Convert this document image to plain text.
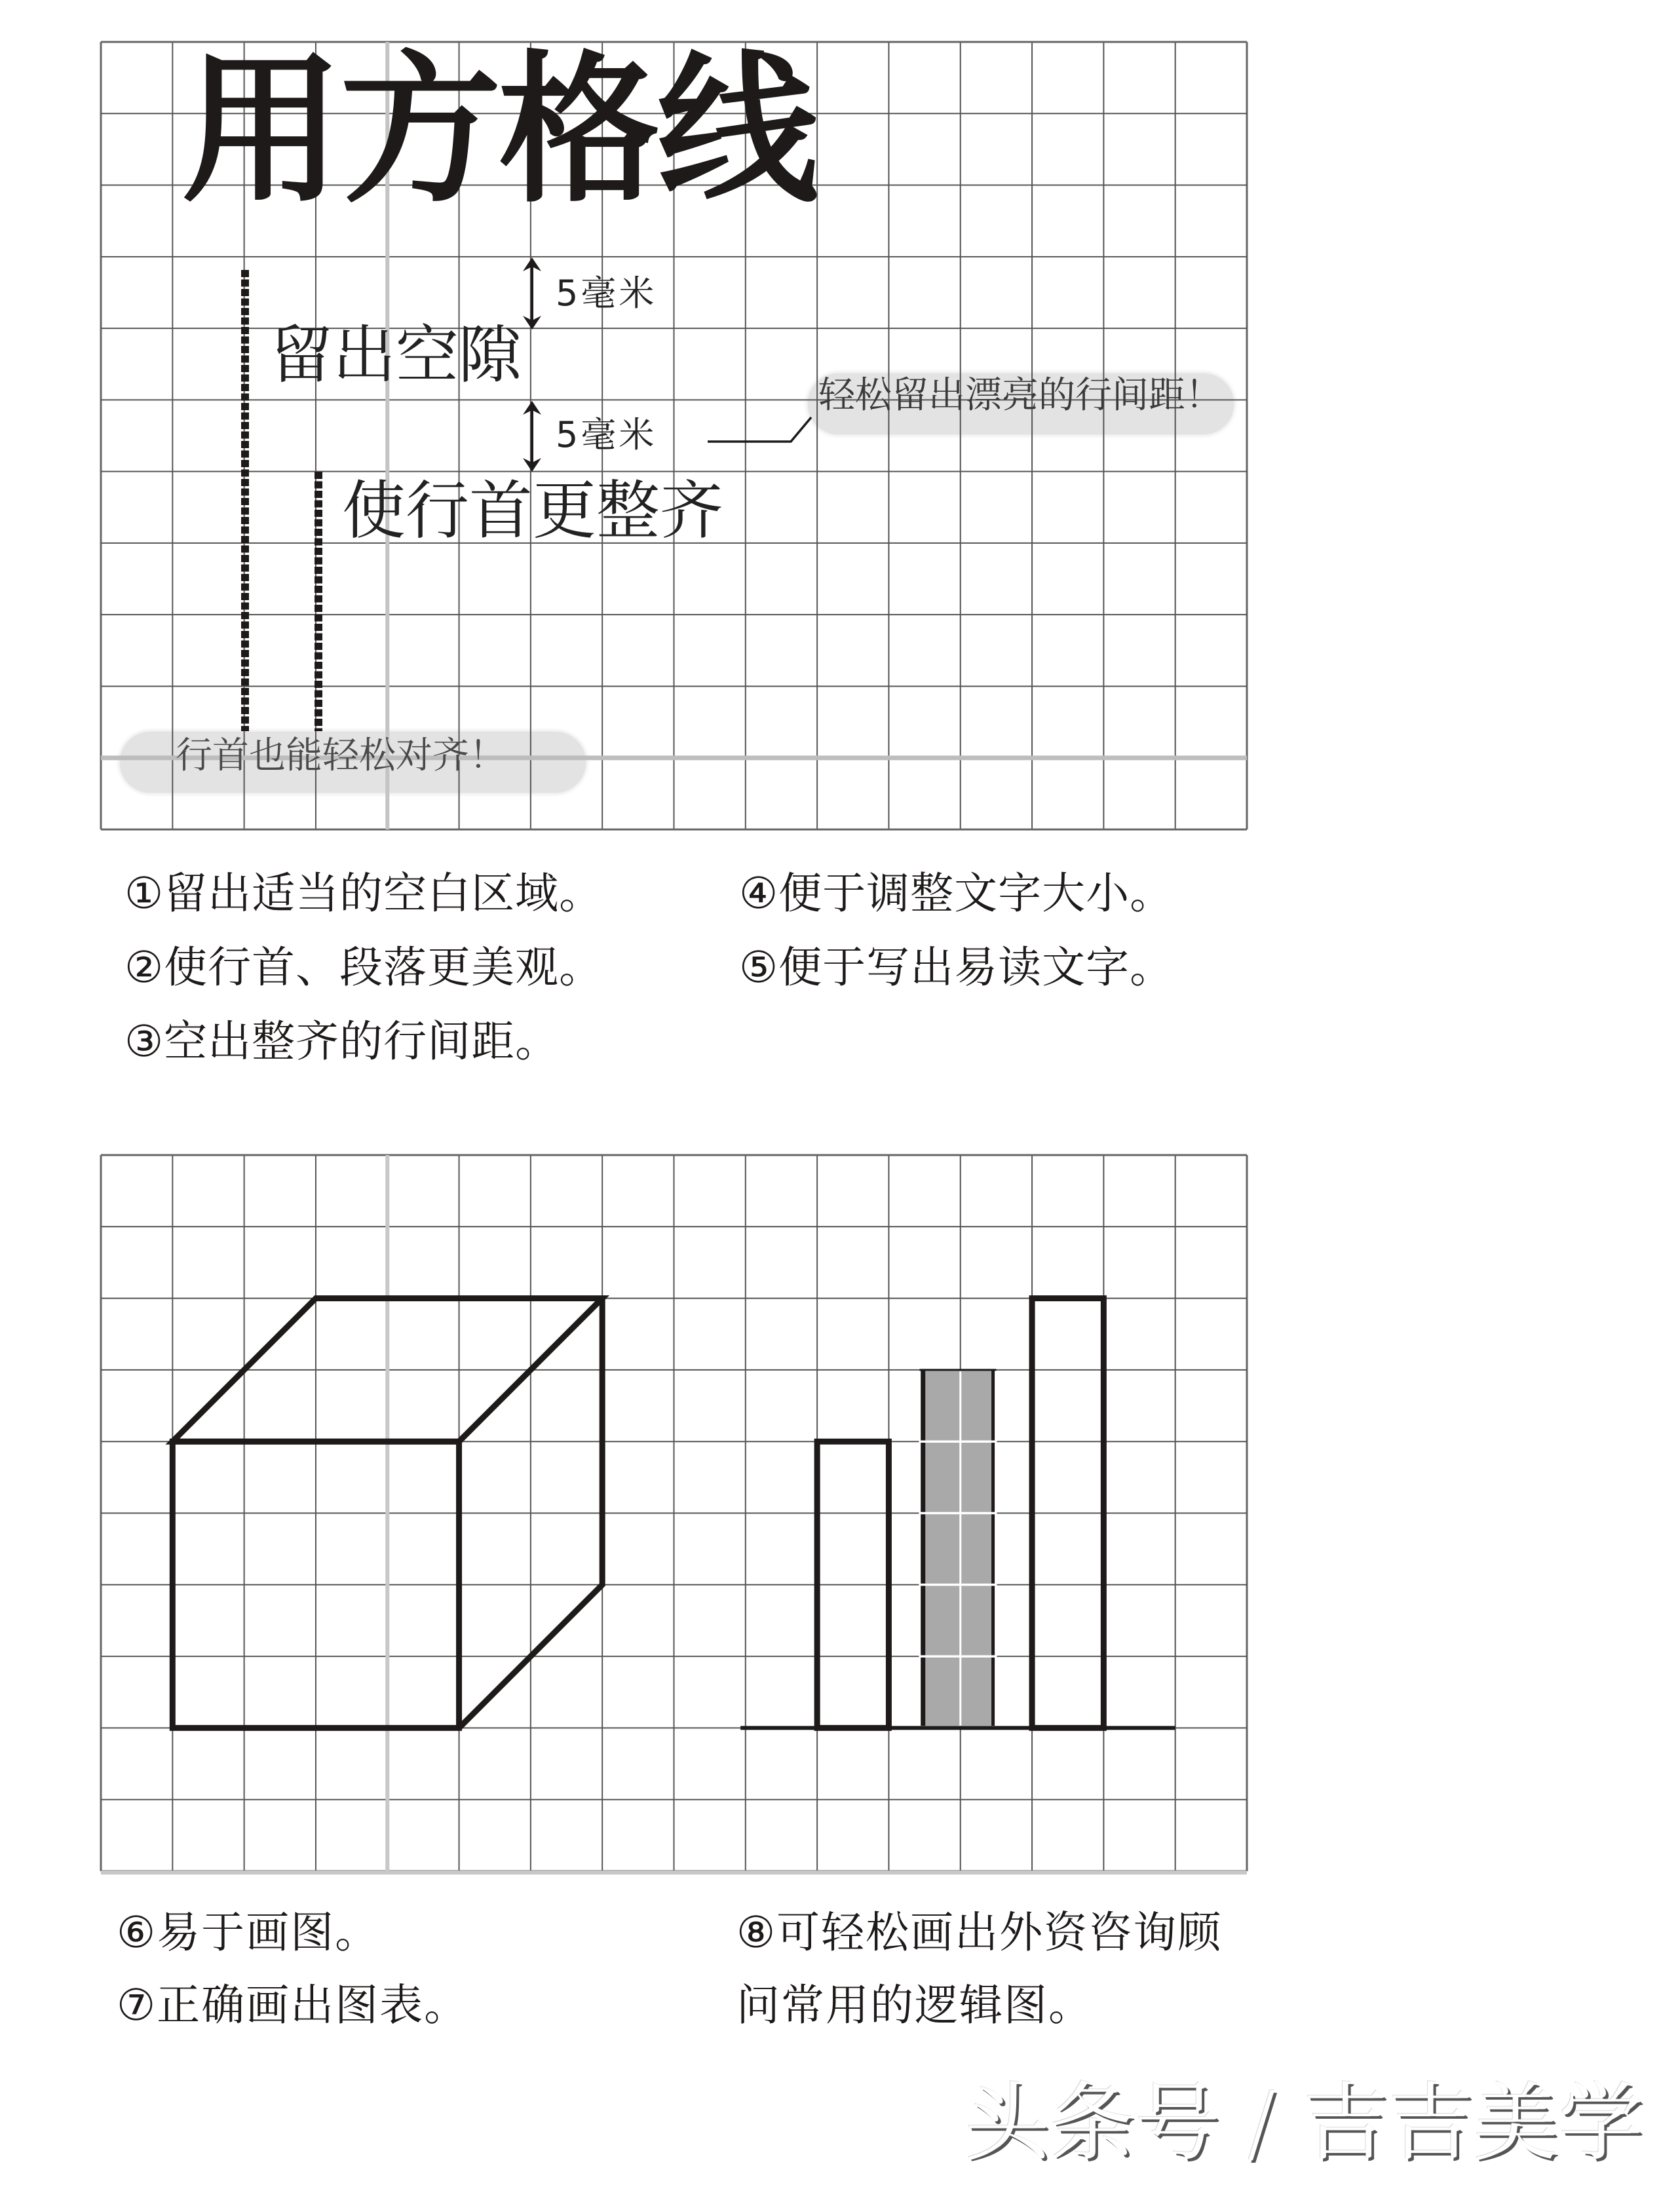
用方格线
5毫米
5毫米
留出空隙
使行首更整齐
轻松留出漂亮的行间距！
行首也能轻松对齐！
①留出适当的空白区域。
②使行首、段落更美观。
③空出整齐的行间距。
④便于调整文字大小。
⑤便于写出易读文字。
⑥易于画图。
⑦正确画出图表。
⑧可轻松画出外资咨询顾
问常用的逻辑图。
头条号 / 吉吉美学
